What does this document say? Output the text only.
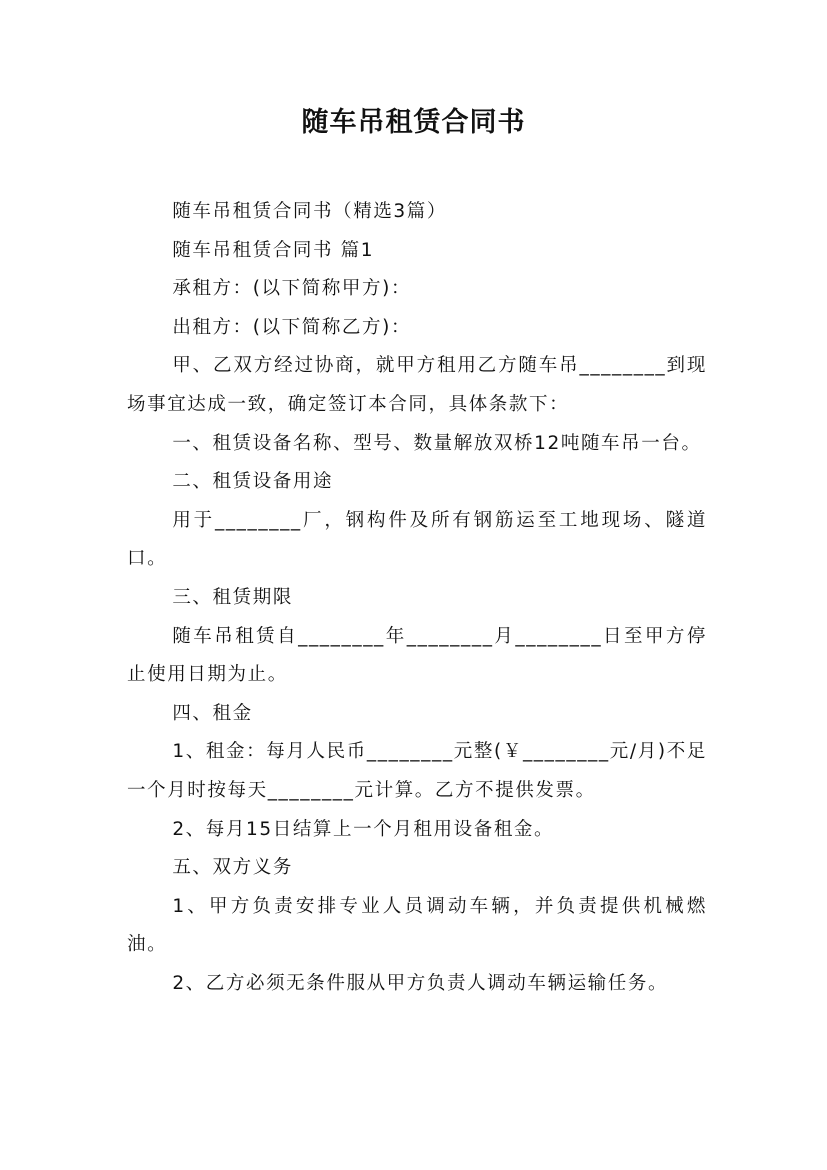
随车吊租赁合同书

随车吊租赁合同书（精选3篇）

随车吊租赁合同书 篇1

承租方：(以下简称甲方)：

出租方：(以下简称乙方)：

甲、乙双方经过协商，就甲方租用乙方随车吊________到现场事宜达成一致，确定签订本合同，具体条款下：

一、租赁设备名称、型号、数量解放双桥12吨随车吊一台。

二、租赁设备用途

用于________厂，钢构件及所有钢筋运至工地现场、隧道口。

三、租赁期限

随车吊租赁自________年________月________日至甲方停止使用日期为止。

四、租金

1、租金：每月人民币________元整(￥________元/月)不足一个月时按每天________元计算。乙方不提供发票。

2、每月15日结算上一个月租用设备租金。

五、双方义务

1、甲方负责安排专业人员调动车辆，并负责提供机械燃油。

2、乙方必须无条件服从甲方负责人调动车辆运输任务。
